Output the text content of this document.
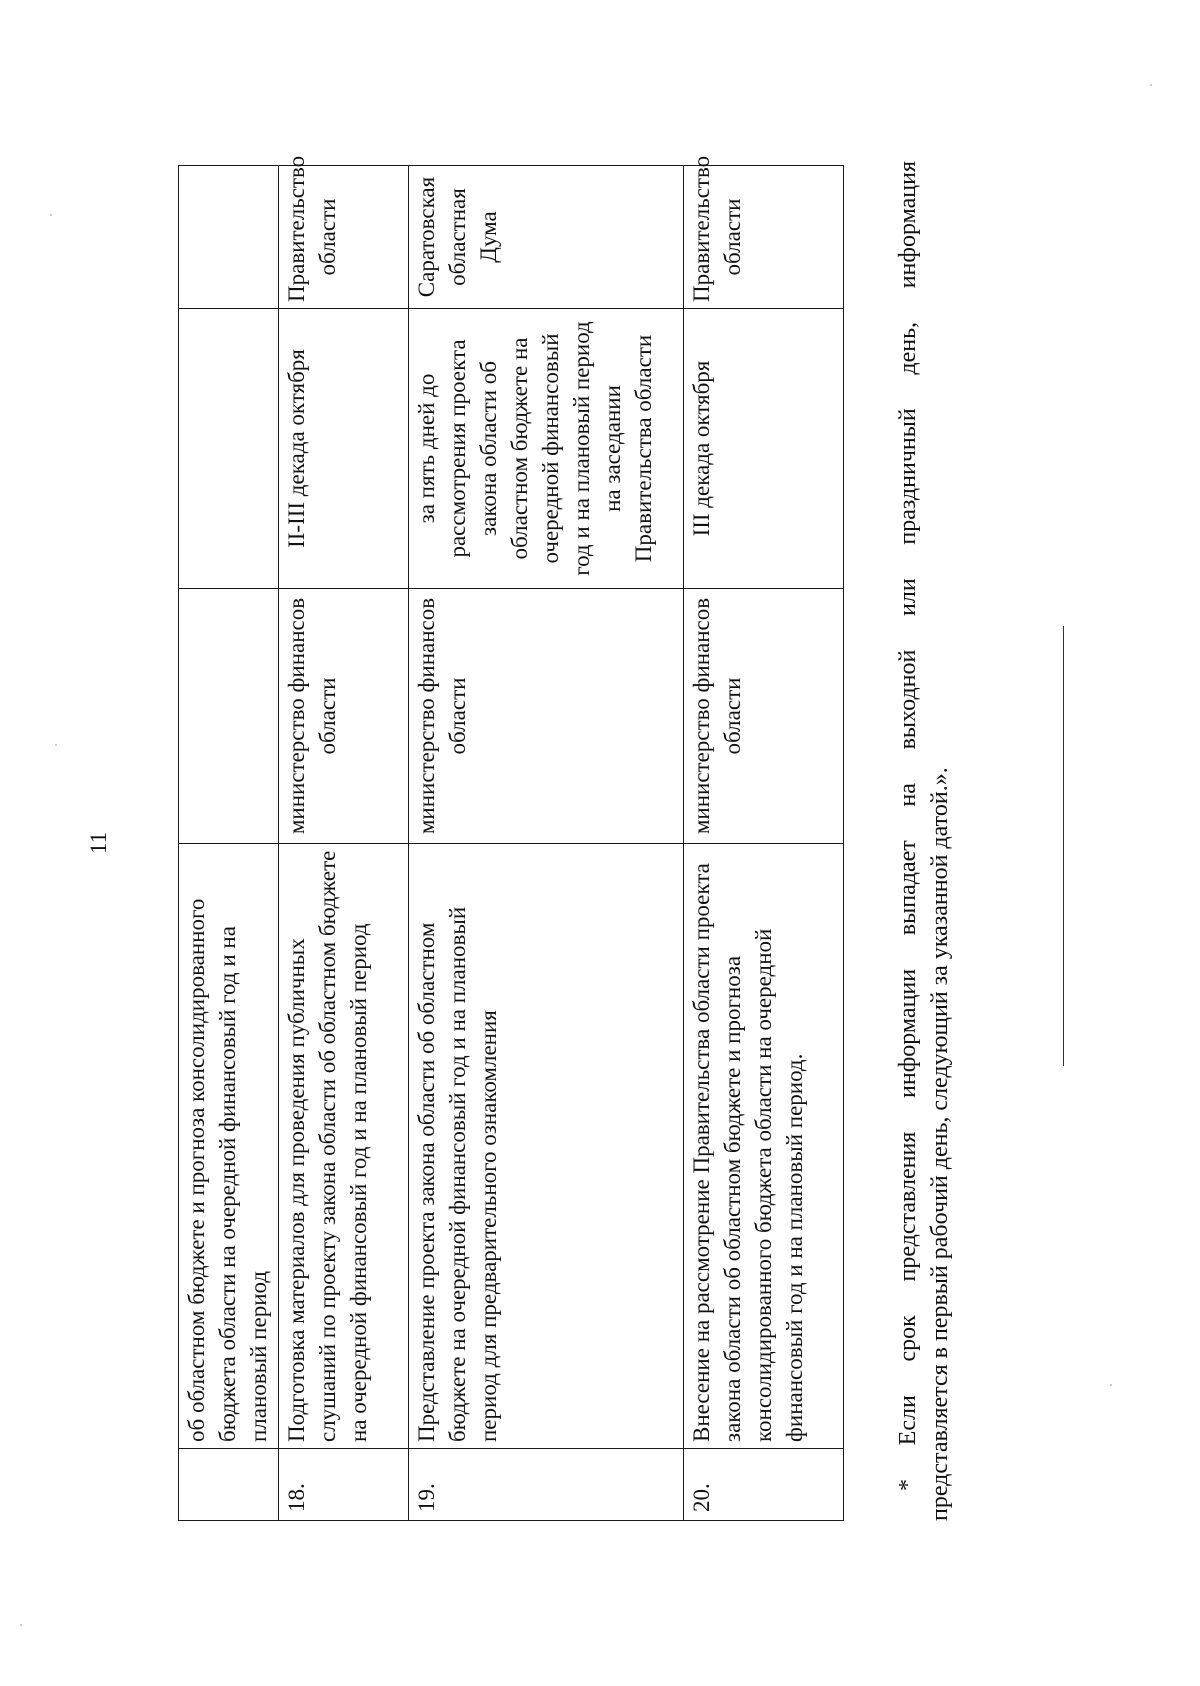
11
	об областном бюджете и прогноза консолидированного бюджета области на очередной финансовый год и на плановый период			
18.	Подготовка материалов для проведения публичных слушаний по проекту закона области об областном бюджете на очередной финансовый год и на плановый период	министерство финансов области	II-III декада октября	Правительство области
19.	Представление проекта закона области об областном бюджете на очередной финансовый год и на плановый период для предварительного ознакомления	министерство финансов области	за пять дней до рассмотрения проекта закона области об областном бюджете на очередной финансовый год и на плановый период на заседании Правительства области	Саратовская областная Дума
20.	Внесение на рассмотрение Правительства области проекта закона области об областном бюджете и прогноза консолидированного бюджета области на очередной финансовый год и на плановый период.	министерство финансов области	III декада октября	Правительство области	* Если срок представления информации выпадает на выходной или праздничный день, информация представляется в первый рабочий день, следующий за указанной датой.».
